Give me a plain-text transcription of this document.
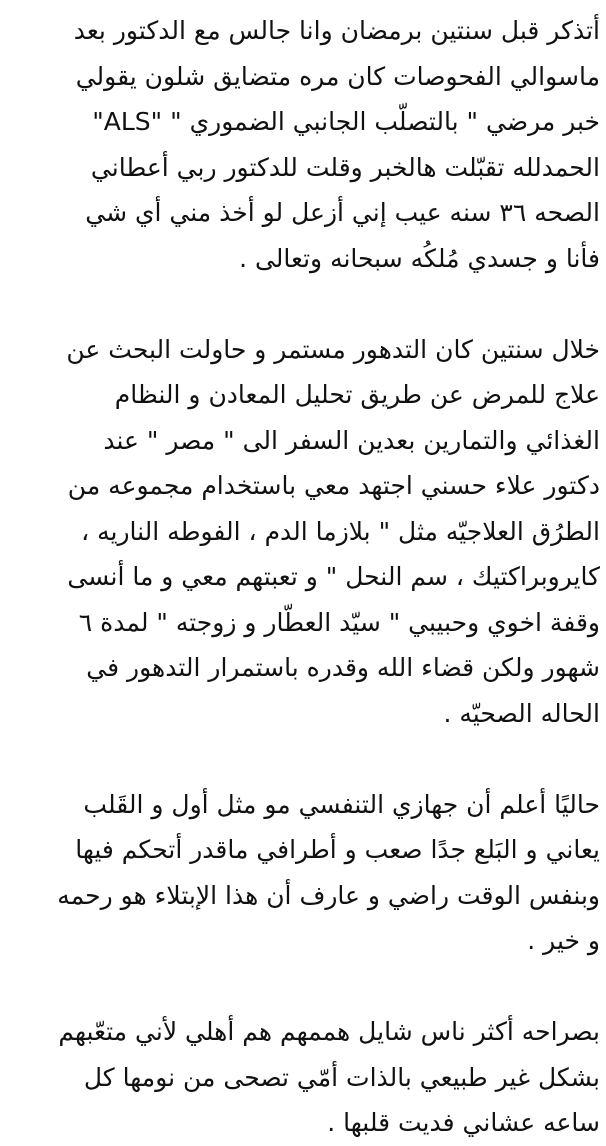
أتذكر قبل سنتين برمضان وانا جالس مع الدكتور بعد
ماسوالي الفحوصات كان مره متضايق شلون يقولي
خبر مرضي " بالتصلّب الجانبي الضموري " "ALS"
الحمدلله تقبّلت هالخبر وقلت للدكتور ربي أعطاني
الصحه ٣٦ سنه عيب إني أزعل لو أخذ مني أي شي
فأنا و جسدي مُلكُه سبحانه وتعالى .
خلال سنتين كان التدهور مستمر و حاولت البحث عن
علاج للمرض عن طريق تحليل المعادن و النظام
الغذائي والتمارين بعدين السفر الى " مصر " عند
دكتور علاء حسني اجتهد معي باستخدام مجموعه من
الطرُق العلاجيّه مثل " بلازما الدم ، الفوطه الناريه ،
كايروبراكتيك ، سم النحل " و تعبتهم معي و ما أنسى
وقفة اخوي وحبيبي " سيّد العطّار و زوجته " لمدة ٦
شهور ولكن قضاء الله وقدره باستمرار التدهور في
الحاله الصحيّه .
حاليًا أعلم أن جهازي التنفسي مو مثل أول و القَلب
يعاني و البَلع جدًا صعب و أطرافي ماقدر أتحكم فيها
وبنفس الوقت راضي و عارف أن هذا الإبتلاء هو رحمه
و خير .
بصراحه أكثر ناس شايل هممهم هم أهلي لأني متعّبهم
بشكل غير طبيعي بالذات أمّي تصحى من نومها كل
ساعه عشاني فديت قلبها .
